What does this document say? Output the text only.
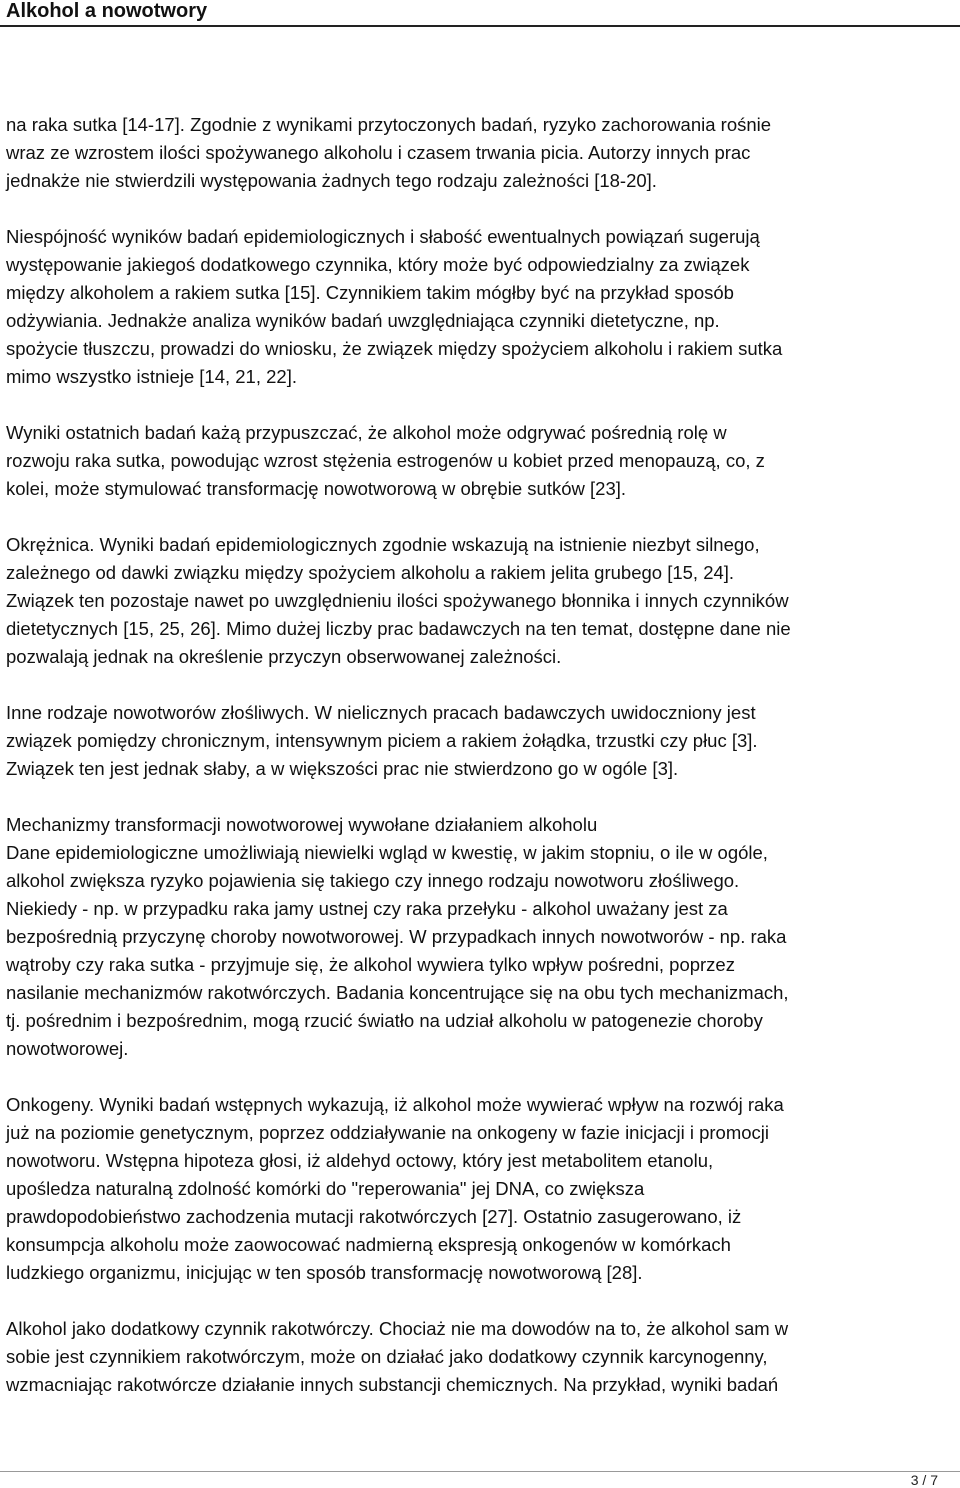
Alkohol a nowotwory

na raka sutka [14-17]. Zgodnie z wynikami przytoczonych badań, ryzyko zachorowania rośnie
wraz ze wzrostem ilości spożywanego alkoholu i czasem trwania picia. Autorzy innych prac
jednakże nie stwierdzili występowania żadnych tego rodzaju zależności [18-20].

Niespójność wyników badań epidemiologicznych i słabość ewentualnych powiązań sugerują
występowanie jakiegoś dodatkowego czynnika, który może być odpowiedzialny za związek
między alkoholem a rakiem sutka [15]. Czynnikiem takim mógłby być na przykład sposób
odżywiania. Jednakże analiza wyników badań uwzględniająca czynniki dietetyczne, np.
spożycie tłuszczu, prowadzi do wniosku, że związek między spożyciem alkoholu i rakiem sutka
mimo wszystko istnieje [14, 21, 22].

Wyniki ostatnich badań każą przypuszczać, że alkohol może odgrywać pośrednią rolę w
rozwoju raka sutka, powodując wzrost stężenia estrogenów u kobiet przed menopauzą, co, z
kolei, może stymulować transformację nowotworową w obrębie sutków [23].

Okrężnica. Wyniki badań epidemiologicznych zgodnie wskazują na istnienie niezbyt silnego,
zależnego od dawki związku między spożyciem alkoholu a rakiem jelita grubego [15, 24].
Związek ten pozostaje nawet po uwzględnieniu ilości spożywanego błonnika i innych czynników
dietetycznych [15, 25, 26]. Mimo dużej liczby prac badawczych na ten temat, dostępne dane nie
pozwalają jednak na określenie przyczyn obserwowanej zależności.

Inne rodzaje nowotworów złośliwych. W nielicznych pracach badawczych uwidoczniony jest
związek pomiędzy chronicznym, intensywnym piciem a rakiem żołądka, trzustki czy płuc [3].
Związek ten jest jednak słaby, a w większości prac nie stwierdzono go w ogóle [3].

Mechanizmy transformacji nowotworowej wywołane działaniem alkoholu
Dane epidemiologiczne umożliwiają niewielki wgląd w kwestię, w jakim stopniu, o ile w ogóle,
alkohol zwiększa ryzyko pojawienia się takiego czy innego rodzaju nowotworu złośliwego.
Niekiedy - np. w przypadku raka jamy ustnej czy raka przełyku - alkohol uważany jest za
bezpośrednią przyczynę choroby nowotworowej. W przypadkach innych nowotworów - np. raka
wątroby czy raka sutka - przyjmuje się, że alkohol wywiera tylko wpływ pośredni, poprzez
nasilanie mechanizmów rakotwórczych. Badania koncentrujące się na obu tych mechanizmach,
tj. pośrednim i bezpośrednim, mogą rzucić światło na udział alkoholu w patogenezie choroby
nowotworowej.

Onkogeny. Wyniki badań wstępnych wykazują, iż alkohol może wywierać wpływ na rozwój raka
już na poziomie genetycznym, poprzez oddziaływanie na onkogeny w fazie inicjacji i promocji
nowotworu. Wstępna hipoteza głosi, iż aldehyd octowy, który jest metabolitem etanolu,
upośledza naturalną zdolność komórki do "reperowania" jej DNA, co zwiększa
prawdopodobieństwo zachodzenia mutacji rakotwórczych [27]. Ostatnio zasugerowano, iż
konsumpcja alkoholu może zaowocować nadmierną ekspresją onkogenów w komórkach
ludzkiego organizmu, inicjując w ten sposób transformację nowotworową [28].

Alkohol jako dodatkowy czynnik rakotwórczy. Chociaż nie ma dowodów na to, że alkohol sam w
sobie jest czynnikiem rakotwórczym, może on działać jako dodatkowy czynnik karcynogenny,
wzmacniając rakotwórcze działanie innych substancji chemicznych. Na przykład, wyniki badań

3 / 7
